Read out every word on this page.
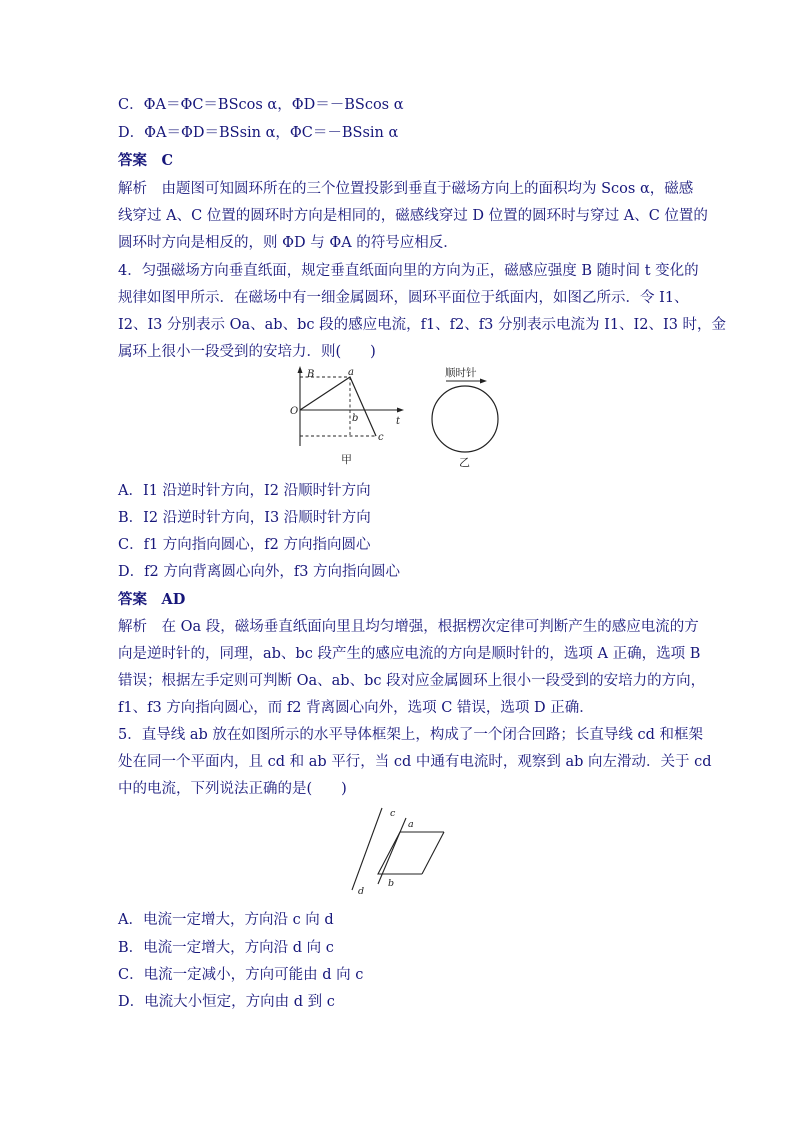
C．ΦA＝ΦC＝BScos α，ΦD＝－BScos α
D．ΦA＝ΦD＝BSsin α，ΦC＝－BSsin α
答案　C
解析　由题图可知圆环所在的三个位置投影到垂直于磁场方向上的面积均为 Scos α，磁感
线穿过 A、C 位置的圆环时方向是相同的，磁感线穿过 D 位置的圆环时与穿过 A、C 位置的
圆环时方向是相反的，则 ΦD 与 ΦA 的符号应相反．
4．匀强磁场方向垂直纸面，规定垂直纸面向里的方向为正，磁感应强度 B 随时间 t 变化的
规律如图甲所示．在磁场中有一细金属圆环，圆环平面位于纸面内，如图乙所示．令 I1、
I2、I3 分别表示 Oa、ab、bc 段的感应电流，f1、f2、f3 分别表示电流为 I1、I2、I3 时，金
属环上很小一段受到的安培力．则(　　)
B
O
t
a
b
c
甲
顺时针
乙
A．I1 沿逆时针方向，I2 沿顺时针方向
B．I2 沿逆时针方向，I3 沿顺时针方向
C．f1 方向指向圆心，f2 方向指向圆心
D．f2 方向背离圆心向外，f3 方向指向圆心
答案　AD
解析　在 Oa 段，磁场垂直纸面向里且均匀增强，根据楞次定律可判断产生的感应电流的方
向是逆时针的，同理，ab、bc 段产生的感应电流的方向是顺时针的，选项 A 正确，选项 B
错误；根据左手定则可判断 Oa、ab、bc 段对应金属圆环上很小一段受到的安培力的方向，
f1、f3 方向指向圆心，而 f2 背离圆心向外，选项 C 错误，选项 D 正确．
5．直导线 ab 放在如图所示的水平导体框架上，构成了一个闭合回路；长直导线 cd 和框架
处在同一个平面内，且 cd 和 ab 平行，当 cd 中通有电流时，观察到 ab 向左滑动．关于 cd
中的电流，下列说法正确的是(　　)
c
d
a
b
A．电流一定增大，方向沿 c 向 d
B．电流一定增大，方向沿 d 向 c
C．电流一定减小，方向可能由 d 向 c
D．电流大小恒定，方向由 d 到 c
